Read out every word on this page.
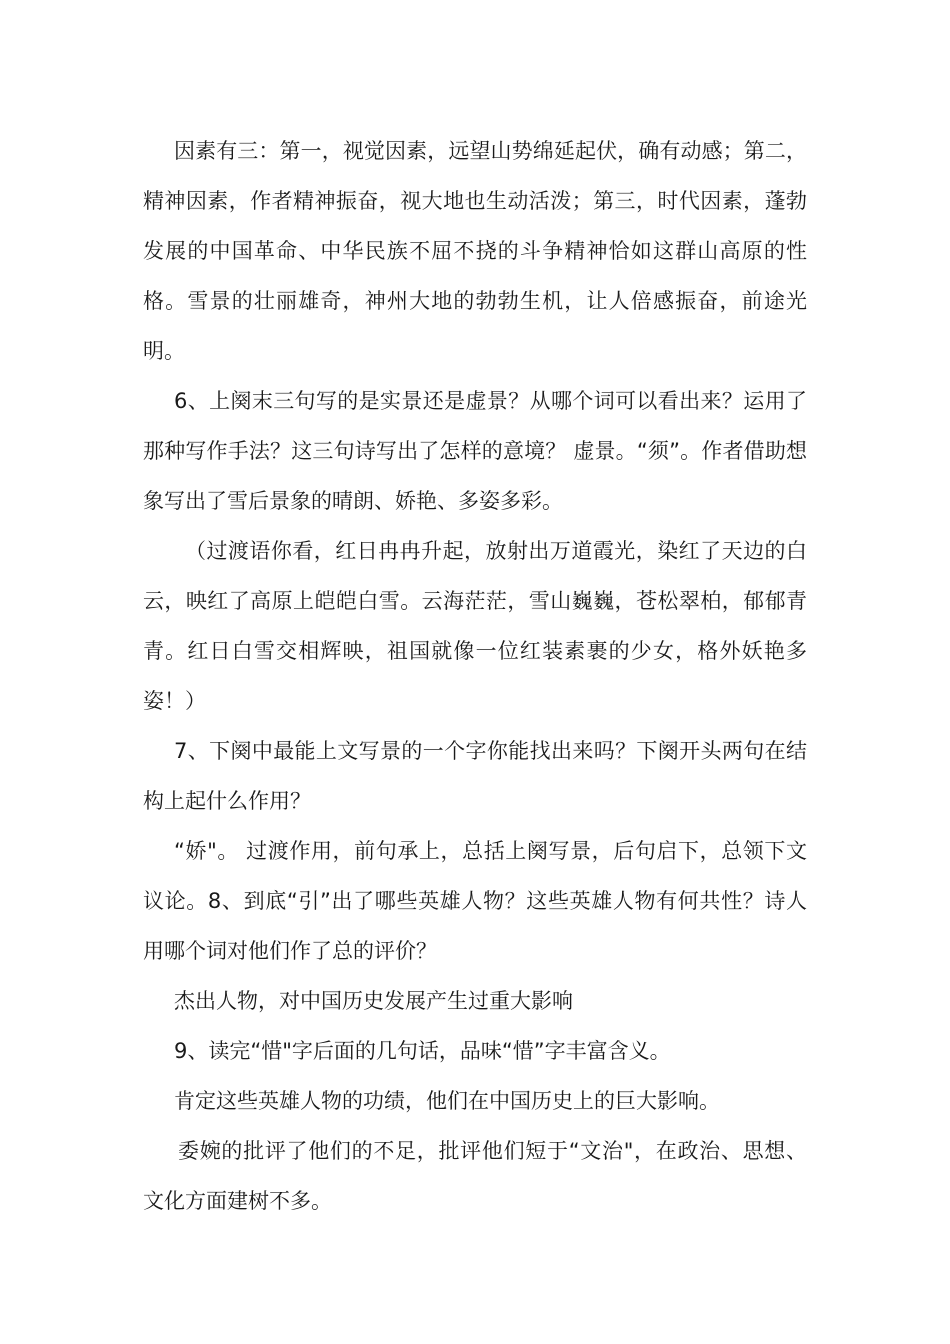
因素有三：第一，视觉因素，远望山势绵延起伏，确有动感；第二，精神因素，作者精神振奋，视大地也生动活泼；第三，时代因素，蓬勃发展的中国革命、中华民族不屈不挠的斗争精神恰如这群山高原的性格。雪景的壮丽雄奇，神州大地的勃勃生机，让人倍感振奋，前途光明。

6、上阕末三句写的是实景还是虚景？从哪个词可以看出来？运用了那种写作手法？这三句诗写出了怎样的意境？ 虚景。“须”。作者借助想象写出了雪后景象的晴朗、娇艳、多姿多彩。

（过渡语你看，红日冉冉升起，放射出万道霞光，染红了天边的白云，映红了高原上皑皑白雪。云海茫茫，雪山巍巍，苍松翠柏，郁郁青青。红日白雪交相辉映，祖国就像一位红装素裹的少女，格外妖艳多姿！）

7、下阕中最能上文写景的一个字你能找出来吗？下阕开头两句在结构上起什么作用？

“娇"。 过渡作用，前句承上，总括上阕写景，后句启下，总领下文议论。8、到底“引”出了哪些英雄人物？这些英雄人物有何共性？诗人用哪个词对他们作了总的评价？

杰出人物，对中国历史发展产生过重大影响

9、读完“惜"字后面的几句话，品味“惜”字丰富含义。

肯定这些英雄人物的功绩，他们在中国历史上的巨大影响。

委婉的批评了他们的不足，批评他们短于“文治"，在政治、思想、文化方面建树不多。
